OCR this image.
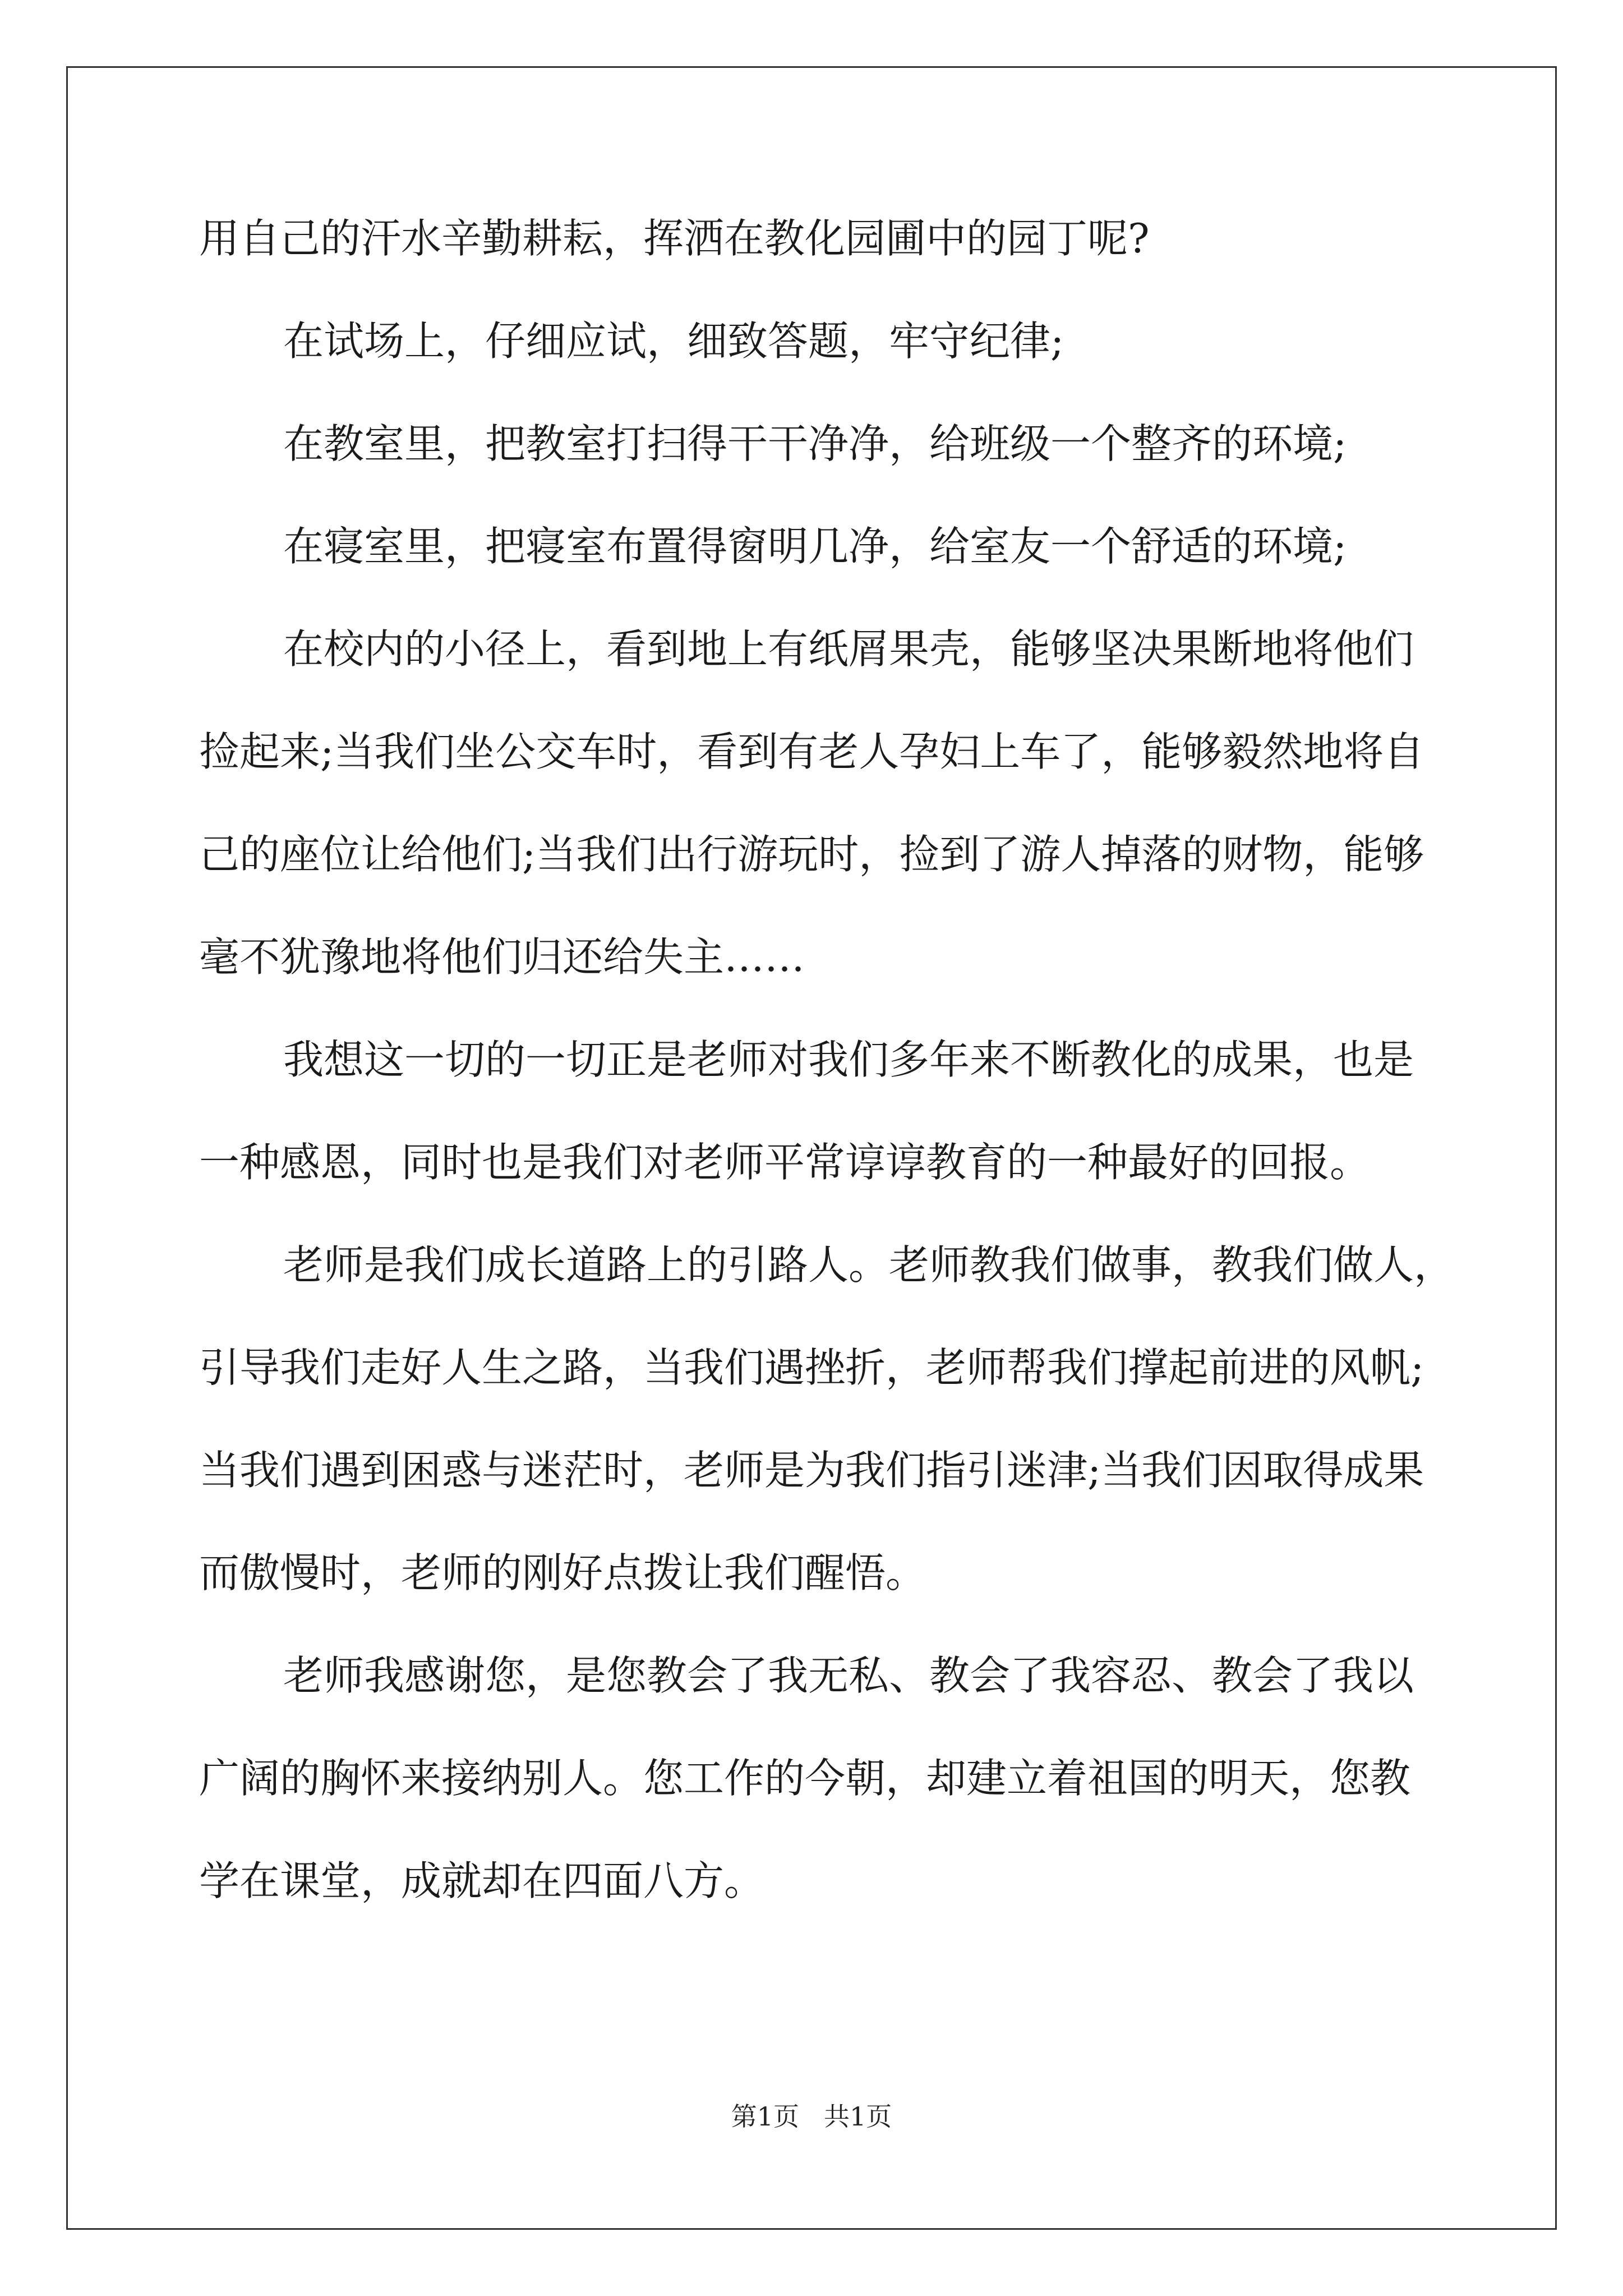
用自己的汗水辛勤耕耘，挥洒在教化园圃中的园丁呢?
在试场上，仔细应试，细致答题，牢守纪律;
在教室里，把教室打扫得干干净净，给班级一个整齐的环境;
在寝室里，把寝室布置得窗明几净，给室友一个舒适的环境;
在校内的小径上，看到地上有纸屑果壳，能够坚决果断地将他们
捡起来;当我们坐公交车时，看到有老人孕妇上车了，能够毅然地将自
己的座位让给他们;当我们出行游玩时，捡到了游人掉落的财物，能够
毫不犹豫地将他们归还给失主……
我想这一切的一切正是老师对我们多年来不断教化的成果，也是
一种感恩，同时也是我们对老师平常谆谆教育的一种最好的回报。
老师是我们成长道路上的引路人。老师教我们做事，教我们做人，
引导我们走好人生之路，当我们遇挫折，老师帮我们撑起前进的风帆;
当我们遇到困惑与迷茫时，老师是为我们指引迷津;当我们因取得成果
而傲慢时，老师的刚好点拨让我们醒悟。
老师我感谢您，是您教会了我无私、教会了我容忍、教会了我以
广阔的胸怀来接纳别人。您工作的今朝，却建立着祖国的明天，您教
学在课堂，成就却在四面八方。
第1页 共1页
